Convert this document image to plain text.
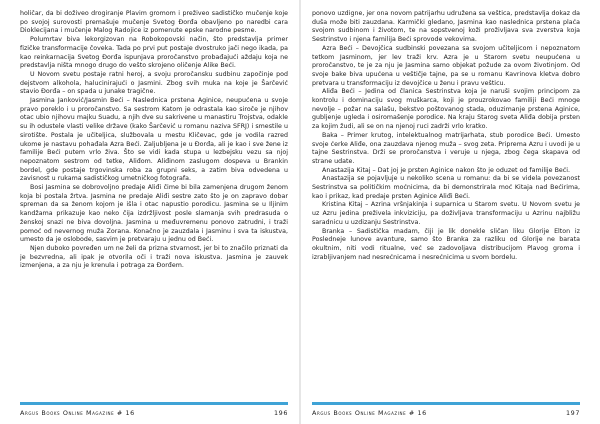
holičar, da bi doživeo drogiranje Plavim gromom i preživeo sadističko mučenje koje po svojoj surovosti premašuje mučenje Svetog Đorđa obavljeno po naredbi cara Dioklecijana i mučenje Malog Radojice iz pomenute epske narodne pesme.

Polumrtav biva lekorgizovan na Robokopovski način, što predstavlja primer fizičke transformacije čoveka. Tada po prvi put postaje dvostruko jači nego ikada, pa kao reinkarnacija Svetog Đorđa ispunjava proročanstvo probađajući aždaju koja ne predstavlja ništa mnogo drugo do vešto skrojeno oličenje Alike Beći.

U Novom svetu postaje ratni heroj, a svoju proročansku sudbinu započinje pod dejstvom alkohola, halucinirajući o Jasmini. Zbog svih muka na koje je Šarčević stavio Đorđa – on spada u junake tragične.

Jasmina Janković/Jasmin Beći – Naslednica prstena Aginice, neupućena u svoje pravo poreklo i u proročanstvo. Sa sestrom Katom je odrastala kao siroče je njihov otac ubio njihovu majku Suadu, a njih dve su sakrivene u manastiru Trojstva, odakle su ih odustele vlasti velike države (kako Šarčević u romanu naziva SFRJ) i smestile u sirotište. Postala je učiteljica, službovala u mestu Kličevac, gde je vodila razred ukome je nastavu pohađala Azra Beći. Zaljubljena je u Đorđa, ali je kao i sve žene iz familije Beći putem vrlo živa. Što se vidi kada stupa u lezbejsku vezu sa njoj nepoznatom sestrom od tetke, Aliđom. Aliđinom zaslugom dospeva u Brankin bordel, gde postaje trgovinska roba za grupni seks, a zatim biva odvedena u zavisnost u rukama sadističkog umetničkog fotografa.

Bosi Jasmina se dobrovoljno predaje Aliđi čime bi bila zamenjena drugom ženom koja bi postala žrtva. Jasmina ne predaje Aliđi sestre zato što je on zapravo dobar spreman da sa ženom kojom je išla i otac napustio porodicu. Jasmina se u Iljinim kandžama prikazuje kao neko čija izdržljivost posle slamanja svih predrasuda o ženskoj snazi ne biva dovoljna. Jasmina u međuvremenu ponovo zatrudni, i traži pomoć od nevernog muža Zorana. Konačno je zauzdala i Jasminu i sva ta iskustva, umesto da je oslobode, sasvim je pretvaraju u jednu od Beći.

Njen duboko povređen um ne želi da prizna stvarnost, jer bi to značilo priznati da je bezvredna, ali ipak je otvorila oči i traži nova iskustva. Jasmina je zauvek izmenjena, a za nju je krenula i potraga za Đorđem.

Argus Books Online Magazine # 16	196

ponovo uzdigne, jer ona novom patrijarhu udružena sa veštica, predstavlja dokaz da duša može biti zauzdana. Karmički gledano, Jasmina kao naslednica prstena plaća svojom sudbinom i životom, te na sopstvenoj koži proživljava sva zverstva koja Sestrinstvo i njena familija Beći sprovode vekovima.

Azra Beći – Devojčica sudbinski povezana sa svojom učiteljicom i nepoznatom tetkom Jasminom, jer lev traži krv. Azra je u Starom svetu neupućena u proročanstvo, te je za nju je Jasmina samo objekat požude za ovom životinjom. Od svoje bake biva upućena u veštičje tajne, pa se u romanu Kavrinova kletva dobro pretvara u transformaciju iz devojčice u ženu i pravu vešticu.

Aliđa Beći – Jedina od članica Sestrinstva koja je naruši svojim principom za kontrolu i dominaciju svog muškarca, koji je prouzrokovao familiji Beći mnoge nevolje – požar na salašu, bekstvo poštovanog stada, oduzimanje prstena Aginice, gubljenje ugleda i osiromašenje porodice. Na kraju Starog sveta Aliđa dobija prsten za kojim žudi, ali se on na njenoj ruci zadrži vrlo kratko.

Baka – Primer krutog, intelektualnog matrijarhata, stub porodice Beći. Umesto svoje ćerke Aliđe, ona zauzdava njenog muža – svog zeta. Priprema Azru i uvodi je u tajne Sestrinstva. Drži se proročanstva i veruje u njega, zbog čega skapava od strane udate.

Anastazija Kitaj – Dat joj je prsten Aginice nakon što je oduzet od familije Beći.

Anastazija se pojavljuje u nekoliko scena u romanu: da bi se videla povezanost Sestrinstva sa političkim moćnicima, da bi demonstrirala moć Kitaja nad Bećirima, kao i prikaz, kad predaje prsten Aginice Aliđi Beći.

Kristina Kitaj – Azrina vršnjakinja i suparnica u Starom svetu. U Novom svetu je uz Azru jedina preživela inkviziciju, pa doživljava transformaciju u Azrinu najbližu saradnicu u uzdizanju Sestrinstva.

Branka – Sadistička madam, čiji je lik donekle sličan liku Glorije Elton iz Posledneje lunove avanture, samo što Branka za razliku od Glorije ne barata okultnim, niti vodi ritualne, već se zadovoljava distribucijom Plavog groma i izrabljivanjem nad nesrećnicama i nesrećnicima u svom bordelu.

Argus Books Online Magazine # 16	197
